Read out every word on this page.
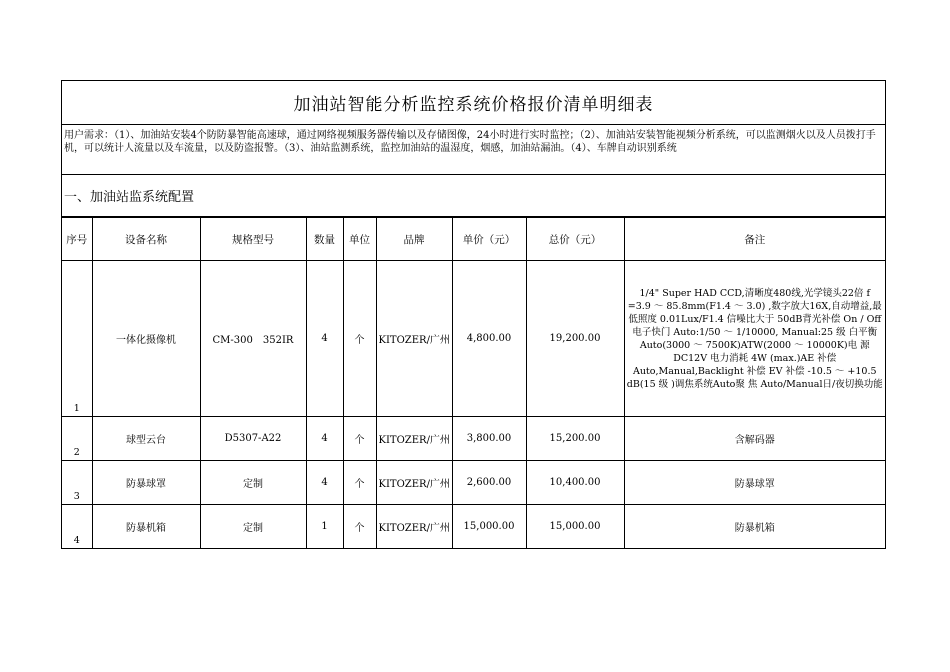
加油站智能分析监控系统价格报价清单明细表
用户需求：（1）、加油站安装4个防防暴智能高速球，通过网络视频服务器传输以及存储图像，24小时进行实时监控；（2）、加油站安装智能视频分析系统，可以监测烟火以及人员拨打手机，可以统计人流量以及车流量，以及防盗报警。（3）、油站监测系统，监控加油站的温湿度，烟感，加油站漏油。（4）、车牌自动识别系统
一、加油站监系统配置
序号	设备名称	规格型号	数量	单位	品牌	单价（元）	总价（元）	备注
1	一体化摄像机	CM-300　352IR	4	个	KITOZER/广州	4,800.00	19,200.00	1/4" Super HAD CCD,清晰度480线,光学镜头22倍 f =3.9 ～ 85.8mm(F1.4 ～ 3.0) ,数字放大16X,自动增益,最低照度 0.01Lux/F1.4 信噪比大于 50dB背光补偿 On / Off 电子快门 Auto:1/50 ～ 1/10000, Manual:25 级 白平衡 Auto(3000 ～ 7500K)ATW(2000 ～ 10000K)电 源 DC12V 电力消耗 4W (max.)AE 补偿 Auto,Manual,Backlight 补偿 EV 补偿 -10.5 ～ +10.5 dB(15 级 )调焦系统Auto聚 焦 Auto/Manual日/夜切换功能
2	球型云台	D5307-A22	4	个	KITOZER/广州	3,800.00	15,200.00	含解码器
3	防暴球罩	定制	4	个	KITOZER/广州	2,600.00	10,400.00	防暴球罩
4	防暴机箱	定制	1	个	KITOZER/广州	15,000.00	15,000.00	防暴机箱
